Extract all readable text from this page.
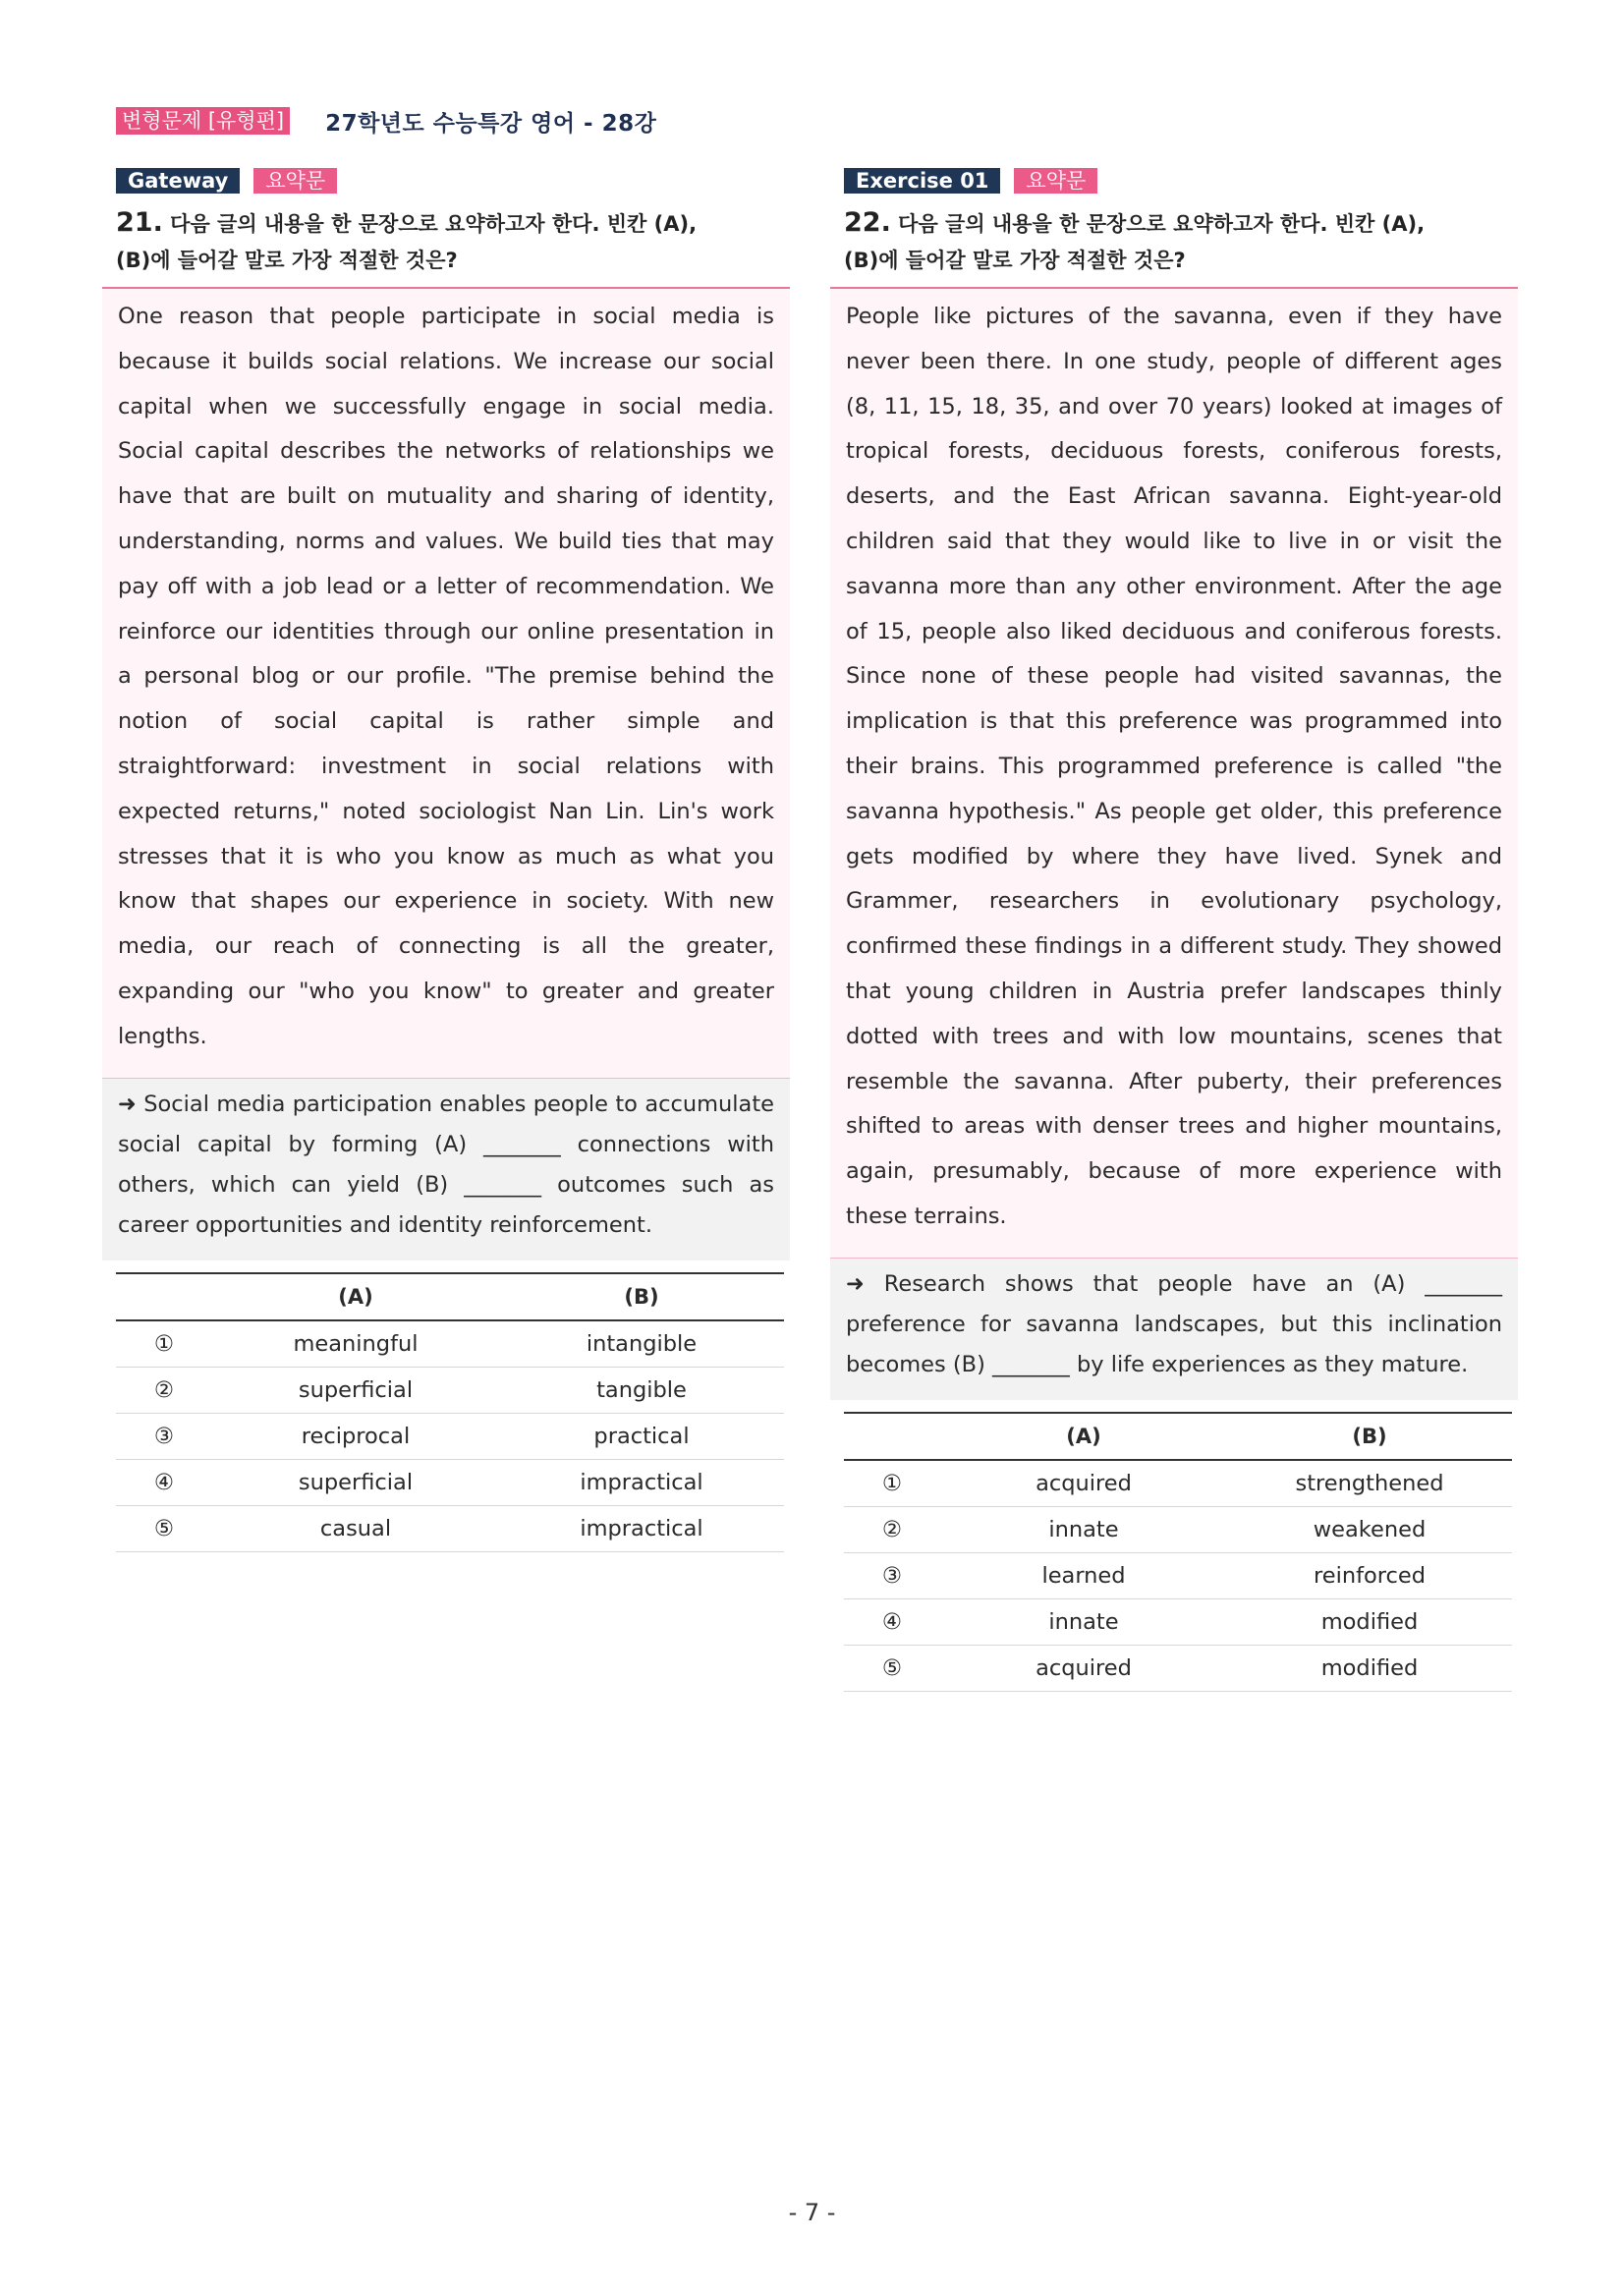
변형문제 [유형편] 27학년도 수능특강 영어 - 28강
Gateway	요약문
21. 다음 글의 내용을 한 문장으로 요약하고자 한다. 빈칸 (A),
(B)에 들어갈 말로 가장 적절한 것은?
One reason that people participate in social media is because it builds social relations. We increase our social capital when we successfully engage in social media. Social capital describes the networks of relationships we have that are built on mutuality and sharing of identity, understanding, norms and values. We build ties that may pay off with a job lead or a letter of recommendation. We reinforce our identities through our online presentation in a personal blog or our profile. "The premise behind the notion of social capital is rather simple and straightforward: investment in social relations with expected returns," noted sociologist Nan Lin. Lin's work stresses that it is who you know as much as what you know that shapes our experience in society. With new media, our reach of connecting is all the greater, expanding our "who you know" to greater and greater lengths.
➜ Social media participation enables people to accumulate social capital by forming (A) _______ connections with others, which can yield (B) _______ outcomes such as career opportunities and identity reinforcement.
	(A)	(B)
①	meaningful	intangible
②	superficial	tangible
③	reciprocal	practical
④	superficial	impractical
⑤	casual	impractical
Exercise 01	요약문
22. 다음 글의 내용을 한 문장으로 요약하고자 한다. 빈칸 (A),
(B)에 들어갈 말로 가장 적절한 것은?
People like pictures of the savanna, even if they have never been there. In one study, people of different ages (8, 11, 15, 18, 35, and over 70 years) looked at images of tropical forests, deciduous forests, coniferous forests, deserts, and the East African savanna. Eight-year-old children said that they would like to live in or visit the savanna more than any other environment. After the age of 15, people also liked deciduous and coniferous forests. Since none of these people had visited savannas, the implication is that this preference was programmed into their brains. This programmed preference is called "the savanna hypothesis." As people get older, this preference gets modified by where they have lived. Synek and Grammer, researchers in evolutionary psychology, confirmed these findings in a different study. They showed that young children in Austria prefer landscapes thinly dotted with trees and with low mountains, scenes that resemble the savanna. After puberty, their preferences shifted to areas with denser trees and higher mountains, again, presumably, because of more experience with these terrains.
➜ Research shows that people have an (A) _______ preference for savanna landscapes, but this inclination becomes (B) _______ by life experiences as they mature.
	(A)	(B)
①	acquired	strengthened
②	innate	weakened
③	learned	reinforced
④	innate	modified
⑤	acquired	modified
- 7 -
